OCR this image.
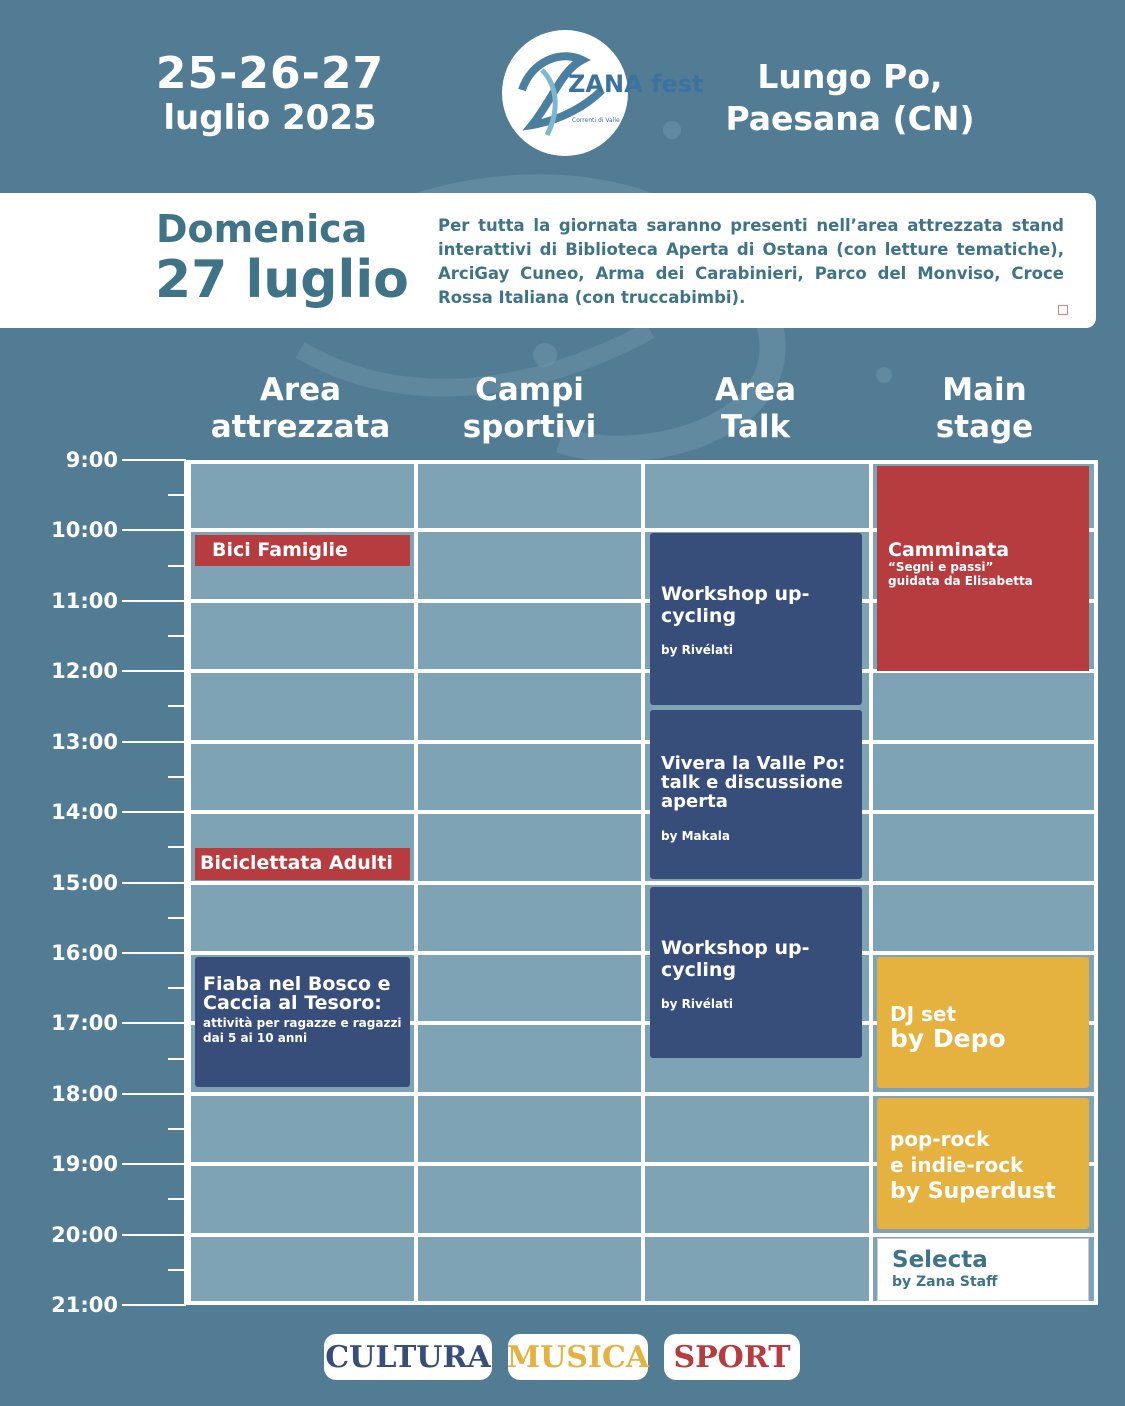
25-26-27
luglio 2025
ZANA fest
Correnti di Valle
Lungo Po,
Paesana (CN)
Domenica
27 luglio
Per tutta la giornata saranno presenti nell’area attrezzata stand interattivi di Biblioteca Aperta di Ostana (con letture tematiche), ArciGay Cuneo, Arma dei Carabinieri, Parco del Monviso, Croce Rossa Italiana (con truccabimbi).
Area
attrezzata
Campi
sportivi
Area
Talk
Main
stage
9:00
10:00
11:00
12:00
13:00
14:00
15:00
16:00
17:00
18:00
19:00
20:00
21:00
Bici Famiglie
Biciclettata Adulti
Fiaba nel Bosco e Caccia al Tesoro:
attività per ragazze e ragazzi dai 5 ai 10 anni
Workshop up-cycling
by Rivélati
Vivera la Valle Po: talk e discussione aperta
by Makala
Workshop up-cycling
by Rivélati
Camminata
“Segni e passi”
guidata da Elisabetta
DJ set
by Depo
pop-rock
e indie-rock
by Superdust
Selecta
by Zana Staff
CULTURA MUSICA SPORT
